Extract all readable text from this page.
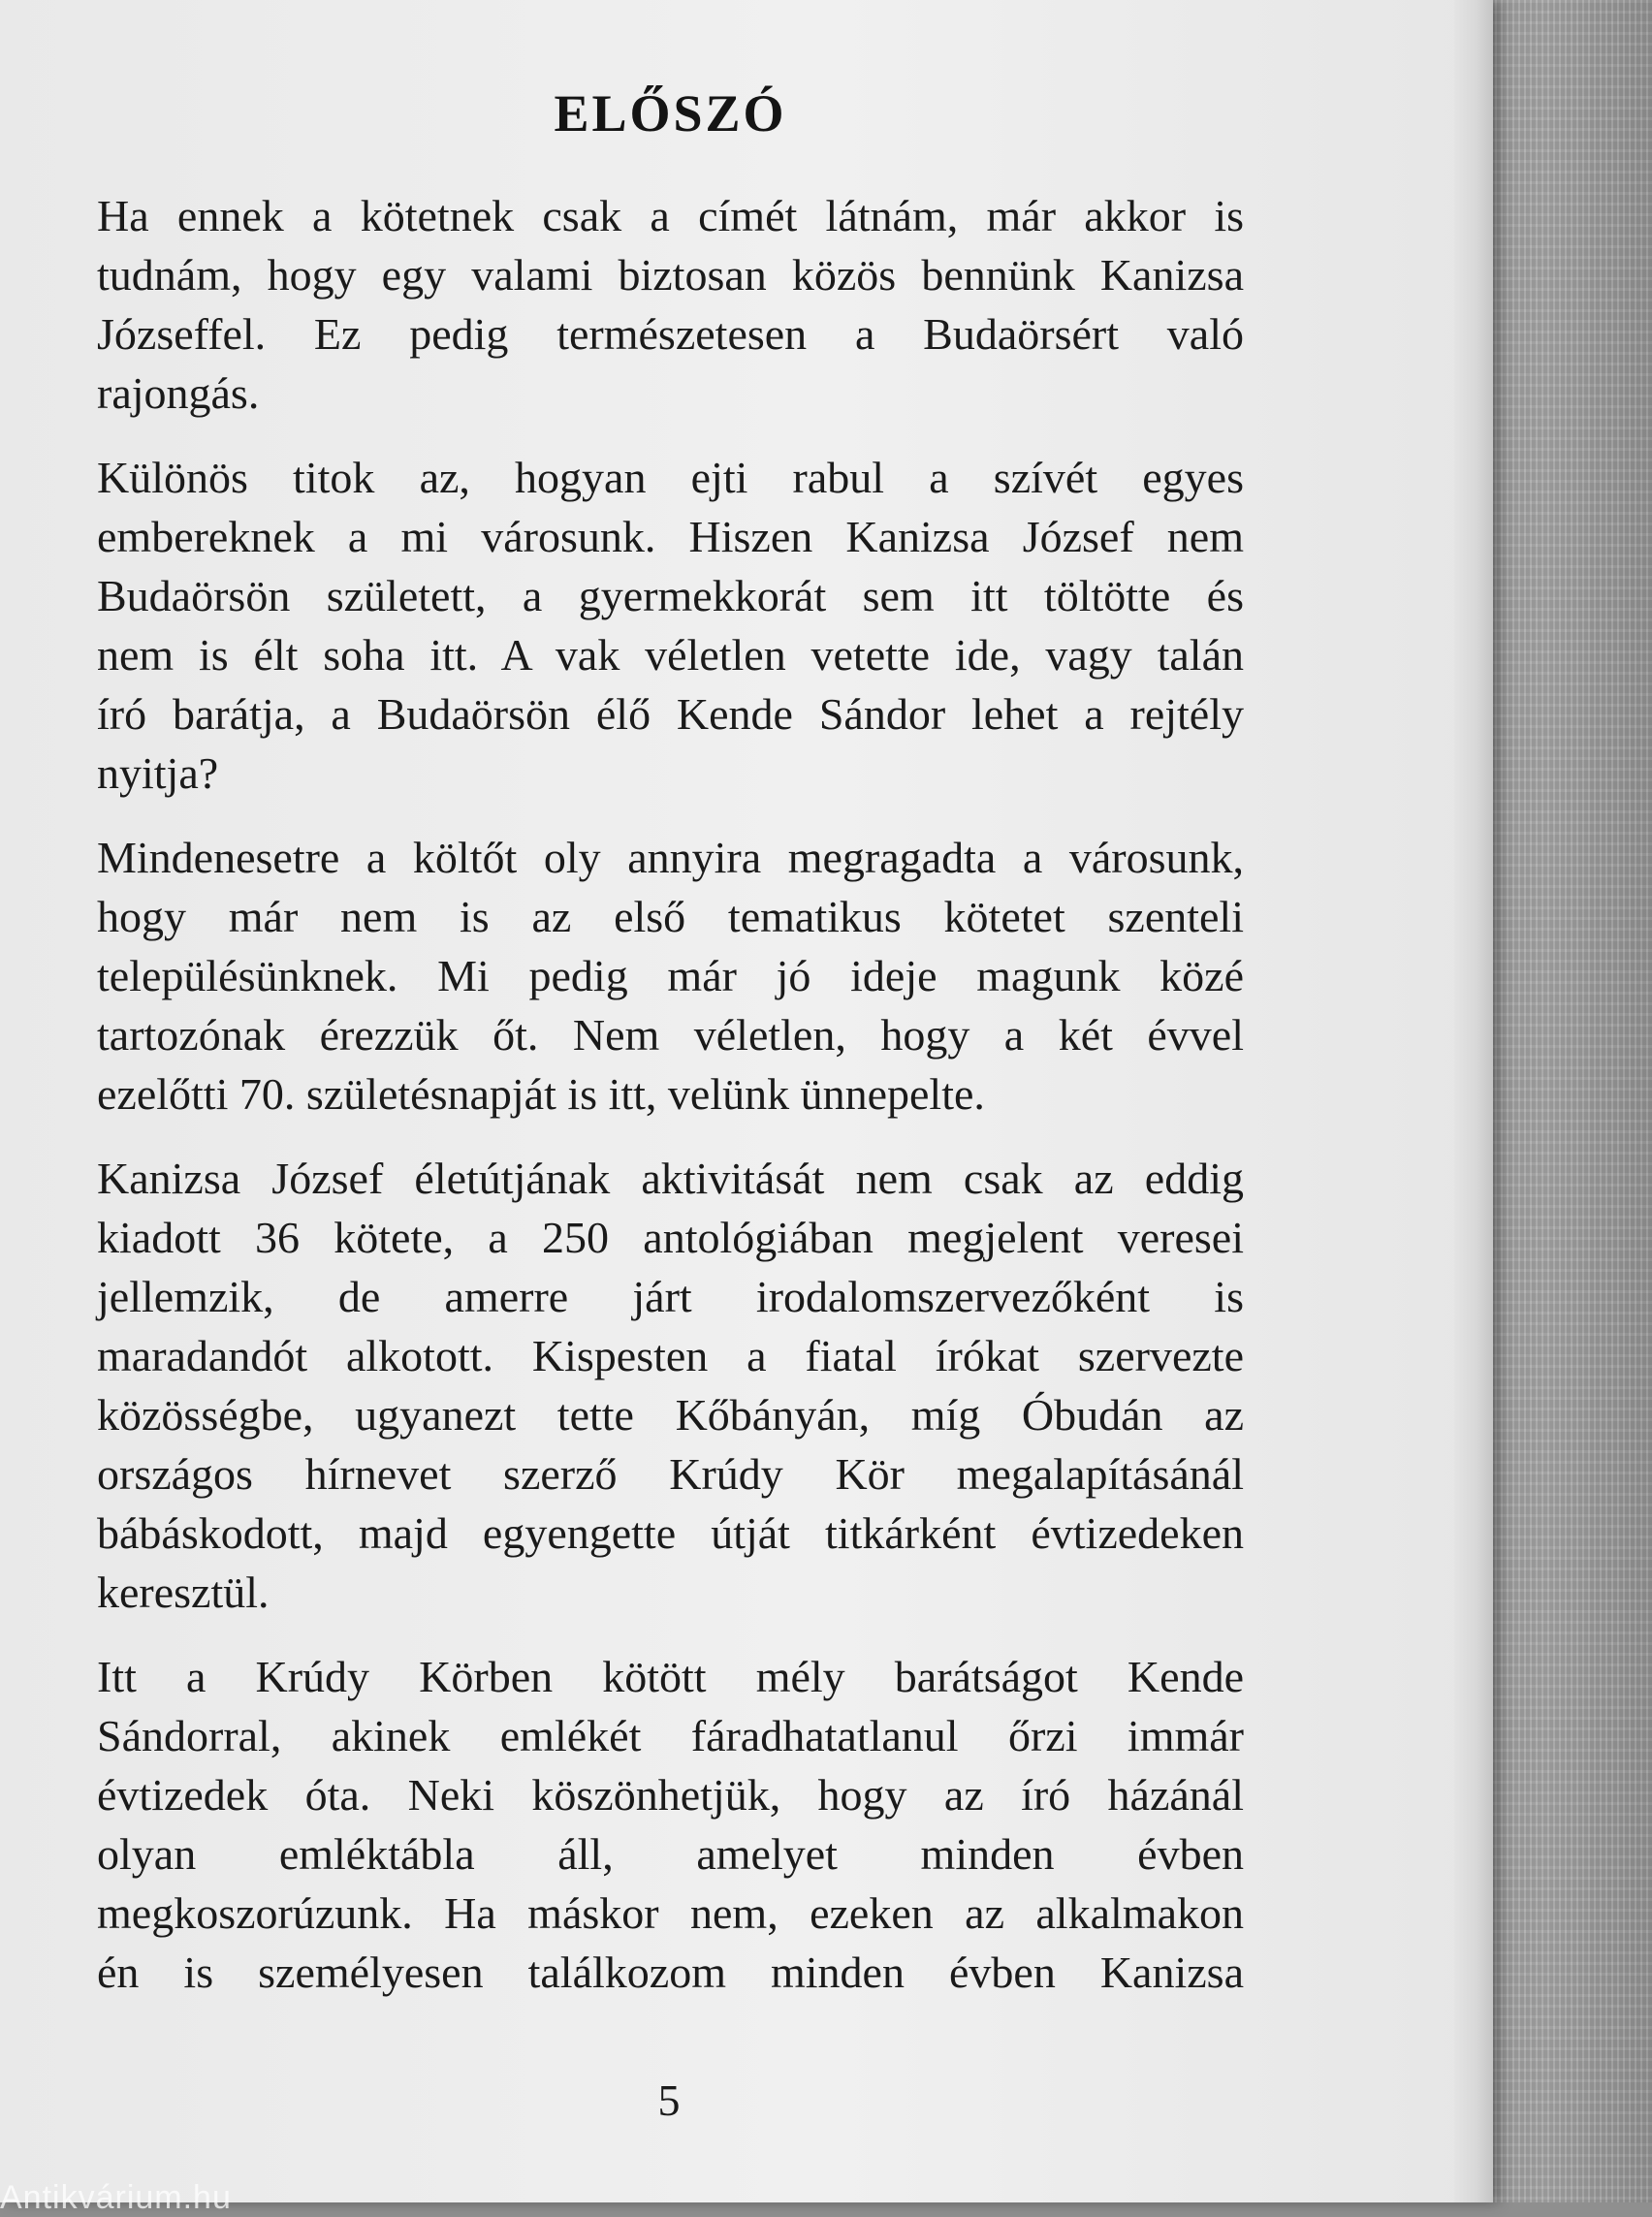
ELŐSZÓ

Ha ennek a kötetnek csak a címét látnám, már akkor is
tudnám, hogy egy valami biztosan közös bennünk Kanizsa
Józseffel. Ez pedig természetesen a Budaörsért való
rajongás.

Különös titok az, hogyan ejti rabul a szívét egyes
embereknek a mi városunk. Hiszen Kanizsa József nem
Budaörsön született, a gyermekkorát sem itt töltötte és
nem is élt soha itt. A vak véletlen vetette ide, vagy talán
író barátja, a Budaörsön élő Kende Sándor lehet a rejtély
nyitja?

Mindenesetre a költőt oly annyira megragadta a városunk,
hogy már nem is az első tematikus kötetet szenteli
településünknek. Mi pedig már jó ideje magunk közé
tartozónak érezzük őt. Nem véletlen, hogy a két évvel
ezelőtti 70. születésnapját is itt, velünk ünnepelte.

Kanizsa József életútjának aktivitását nem csak az eddig
kiadott 36 kötete, a 250 antológiában megjelent veresei
jellemzik, de amerre járt irodalomszervezőként is
maradandót alkotott. Kispesten a fiatal írókat szervezte
közösségbe, ugyanezt tette Kőbányán, míg Óbudán az
országos hírnevet szerző Krúdy Kör megalapításánál
bábáskodott, majd egyengette útját titkárként évtizedeken
keresztül.

Itt a Krúdy Körben kötött mély barátságot Kende
Sándorral, akinek emlékét fáradhatatlanul őrzi immár
évtizedek óta. Neki köszönhetjük, hogy az író házánál
olyan emléktábla áll, amelyet minden évben
megkoszorúzunk. Ha máskor nem, ezeken az alkalmakon
én is személyesen találkozom minden évben Kanizsa

5
Antikvárium.hu
